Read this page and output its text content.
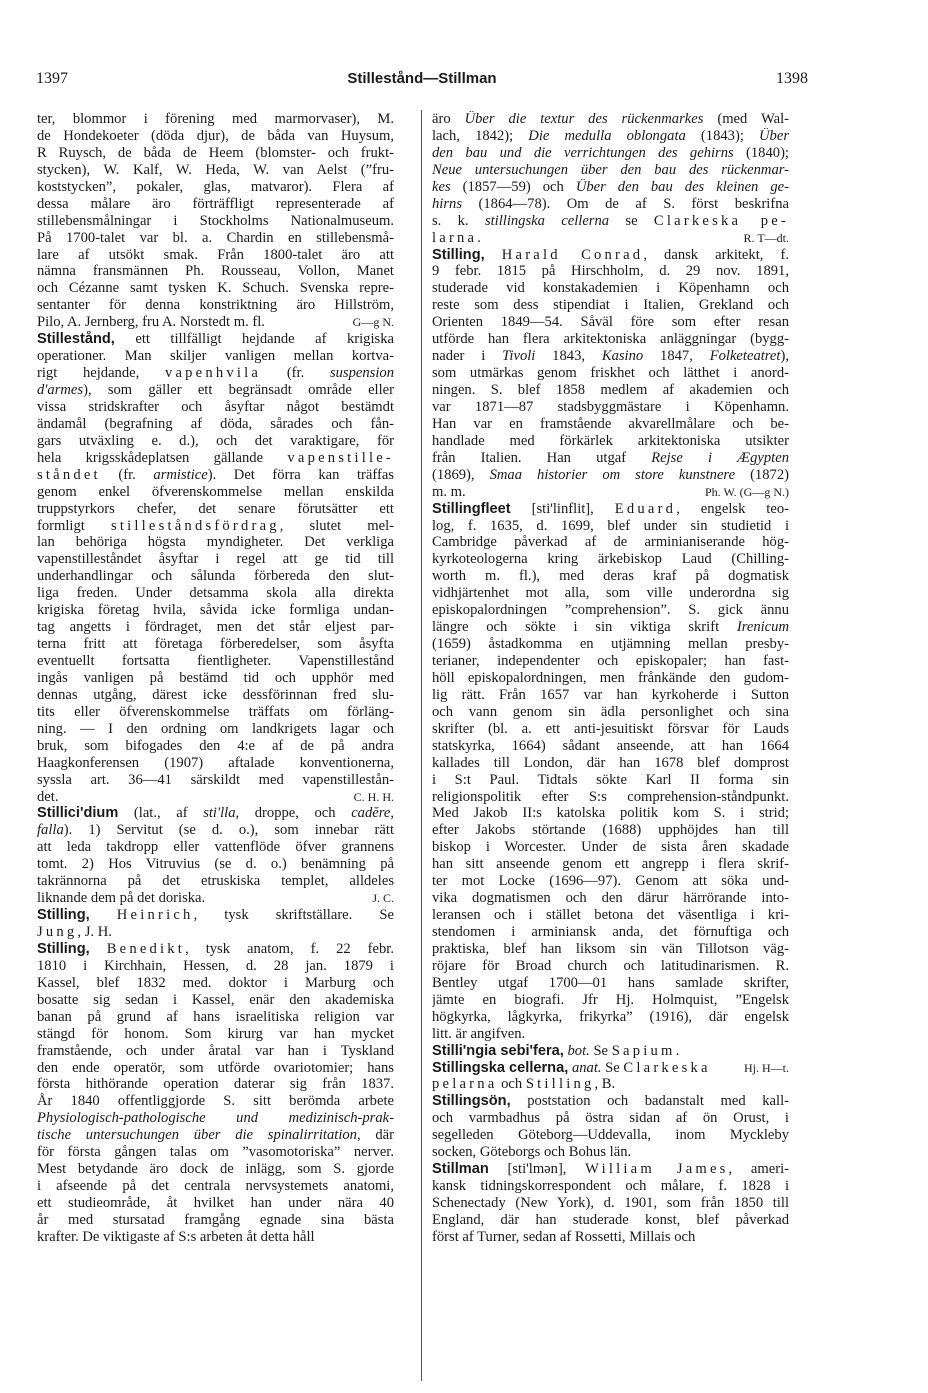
1397	Stillestånd—Stillman	1398
ter, blommor i förening med marmorvaser), M.
de Hondekoeter (döda djur), de båda van Huysum,
R Ruysch, de båda de Heem (blomster- och frukt-
stycken), W. Kalf, W. Heda, W. van Aelst (”fru-
koststycken”, pokaler, glas, matvaror). Flera af
dessa målare äro förträffligt representerade af
stillebensmålningar i Stockholms Nationalmuseum.
På 1700-talet var bl. a. Chardin en stillebensmå-
lare af utsökt smak. Från 1800-talet äro att
nämna fransmännen Ph. Rousseau, Vollon, Manet
och Cézanne samt tysken K. Schuch. Svenska repre-
sentanter för denna konstriktning äro Hillström,
G—g N.
Pilo, A. Jernberg, fru A. Norstedt m. fl.
Stillestånd, ett tillfälligt hejdande af krigiska
operationer. Man skiljer vanligen mellan kortva-
rigt hejdande, vapenhvila (fr. suspension
d'armes), som gäller ett begränsadt område eller
vissa stridskrafter och åsyftar något bestämdt
ändamål (begrafning af döda, sårades och fån-
gars utväxling e. d.), och det varaktigare, för
hela krigsskådeplatsen gällande vapenstille-
ståndet (fr. armistice). Det förra kan träffas
genom enkel öfverenskommelse mellan enskilda
truppstyrkors chefer, det senare förutsätter ett
formligt stilleståndsfördrag, slutet mel-
lan behöriga högsta myndigheter. Det verkliga
vapenstilleståndet åsyftar i regel att ge tid till
underhandlingar och sålunda förbereda den slut-
liga freden. Under detsamma skola alla direkta
krigiska företag hvila, såvida icke formliga undan-
tag angetts i fördraget, men det står eljest par-
terna fritt att företaga förberedelser, som åsyfta
eventuellt fortsatta fientligheter. Vapenstillestånd
ingås vanligen på bestämd tid och upphör med
dennas utgång, därest icke dessförinnan fred slu-
tits eller öfverenskommelse träffats om förläng-
ning. — I den ordning om landkrigets lagar och
bruk, som bifogades den 4:e af de på andra
Haagkonferensen (1907) aftalade konventionerna,
syssla art. 36—41 särskildt med vapenstillestån-
C. H. H.
det.
Stillici'dium (lat., af sti'lla, droppe, och cadĕre,
falla). 1) Servitut (se d. o.), som innebar rätt
att leda takdropp eller vattenflöde öfver grannens
tomt. 2) Hos Vitruvius (se d. o.) benämning på
takrännorna på det etruskiska templet, alldeles
J. C.
liknande dem på det doriska.
Stilling, Heinrich, tysk skriftställare. Se
Jung, J. H.
Stilling, Benedikt, tysk anatom, f. 22 febr.
1810 i Kirchhain, Hessen, d. 28 jan. 1879 i
Kassel, blef 1832 med. doktor i Marburg och
bosatte sig sedan i Kassel, enär den akademiska
banan på grund af hans israelitiska religion var
stängd för honom. Som kirurg var han mycket
framstående, och under åratal var han i Tyskland
den ende operatör, som utförde ovariotomier; hans
första hithörande operation daterar sig från 1837.
År 1840 offentliggjorde S. sitt berömda arbete
Physiologisch-pathologische und medizinisch-prak-
tische untersuchungen über die spinalirritation, där
för första gången talas om ”vasomotoriska” nerver.
Mest betydande äro dock de inlägg, som S. gjorde
i afseende på det centrala nervsystemets anatomi,
ett studieområde, åt hvilket han under nära 40
år med stursatad framgång egnade sina bästa
krafter. De viktigaste af S:s arbeten åt detta håll
äro Über die textur des rückenmarkes (med Wal-
lach, 1842); Die medulla oblongata (1843); Über
den bau und die verrichtungen des gehirns (1840);
Neue untersuchungen über den bau des rückenmar-
kes (1857—59) och Über den bau des kleinen ge-
hirns (1864—78). Om de af S. först beskrifna
s. k. stillingska cellerna se Clarkeska pe-
R. T—dt.
larna.
Stilling, Harald Conrad, dansk arkitekt, f.
9 febr. 1815 på Hirschholm, d. 29 nov. 1891,
studerade vid konstakademien i Köpenhamn och
reste som dess stipendiat i Italien, Grekland och
Orienten 1849—54. Såväl före som efter resan
utförde han flera arkitektoniska anläggningar (bygg-
nader i Tivoli 1843, Kasino 1847, Folketeatret),
som utmärkas genom friskhet och lätthet i anord-
ningen. S. blef 1858 medlem af akademien och
var 1871—87 stadsbyggmästare i Köpenhamn.
Han var en framstående akvarellmålare och be-
handlade med förkärlek arkitektoniska utsikter
från Italien. Han utgaf Rejse i Ægypten
(1869), Smaa historier om store kunstnere (1872)
Ph. W. (G—g N.)
m. m.
Stillingfleet [sti'linflit], Eduard, engelsk teo-
log, f. 1635, d. 1699, blef under sin studietid i
Cambridge påverkad af de arminianiserande hög-
kyrkoteologerna kring ärkebiskop Laud (Chilling-
worth m. fl.), med deras kraf på dogmatisk
vidhjärtenhet mot alla, som ville underordna sig
episkopalordningen ”comprehension”. S. gick ännu
längre och sökte i sin viktiga skrift Irenicum
(1659) åstadkomma en utjämning mellan presby-
terianer, independenter och episkopaler; han fast-
höll episkopalordningen, men frånkände den gudom-
lig rätt. Från 1657 var han kyrkoherde i Sutton
och vann genom sin ädla personlighet och sina
skrifter (bl. a. ett anti-jesuitiskt försvar för Lauds
statskyrka, 1664) sådant anseende, att han 1664
kallades till London, där han 1678 blef domprost
i S:t Paul. Tidtals sökte Karl II forma sin
religionspolitik efter S:s comprehension-ståndpunkt.
Med Jakob II:s katolska politik kom S. i strid;
efter Jakobs störtande (1688) upphöjdes han till
biskop i Worcester. Under de sista åren skadade
han sitt anseende genom ett angrepp i flera skrif-
ter mot Locke (1696—97). Genom att söka und-
vika dogmatismen och den därur härrörande into-
leransen och i stället betona det väsentliga i kri-
stendomen i arminiansk anda, det förnuftiga och
praktiska, blef han liksom sin vän Tillotson väg-
röjare för Broad church och latitudinarismen. R.
Bentley utgaf 1700—01 hans samlade skrifter,
jämte en biografi. Jfr Hj. Holmquist, ”Engelsk
högkyrka, lågkyrka, frikyrka” (1916), där engelsk
litt. är angifven.
Stilli'ngia sebi'fera, bot. Se Sapium.
Hj. H—t.
Stillingska cellerna, anat. Se Clarkeska
pelarna och Stilling, B.
Stillingsön, poststation och badanstalt med kall-
och varmbadhus på östra sidan af ön Orust, i
segelleden Göteborg—Uddevalla, inom Myckleby
socken, Göteborgs och Bohus län.
Stillman [sti'lmən], William James, ameri-
kansk tidningskorrespondent och målare, f. 1828 i
Schenectady (New York), d. 1901, som från 1850 till
England, där han studerade konst, blef påverkad
först af Turner, sedan af Rossetti, Millais och
